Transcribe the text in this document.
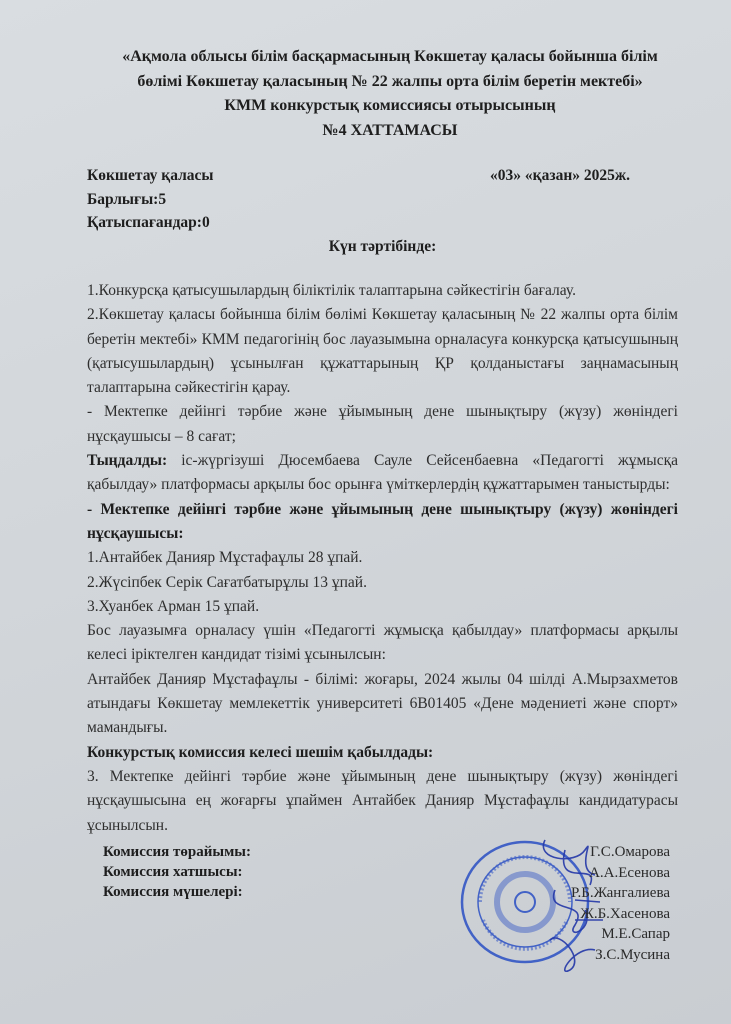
«Ақмола облысы білім басқармасының Көкшетау қаласы бойынша білім
бөлімі Көкшетау қаласының № 22 жалпы орта білім беретін мектебі»
КММ конкурстық комиссиясы отырысының
№4 ХАТТАМАСЫ
Көкшетау қаласы	«03» «қазан» 2025ж.
Барлығы:5
Қатыспағандар:0
Күн тәртібінде:

1.Конкурсқа қатысушылардың біліктілік талаптарына сәйкестігін бағалау.

2.Көкшетау қаласы бойынша білім бөлімі Көкшетау қаласының № 22 жалпы орта білім беретін мектебі» КММ педагогінің бос лауазымына орналасуға конкурсқа қатысушының (қатысушылардың) ұсынылған құжаттарының ҚР қолданыстағы заңнамасының талаптарына сәйкестігін қарау.

- Мектепке дейінгі тәрбие және ұйымының дене шынықтыру (жүзу) жөніндегі нұсқаушысы – 8 сағат;

Тыңдалды: іс-жүргізуші Дюсембаева Сауле Сейсенбаевна «Педагогті жұмысқа қабылдау» платформасы арқылы бос орынға үміткерлердің құжаттарымен таныстырды:

- Мектепке дейінгі тәрбие және ұйымының дене шынықтыру (жүзу) жөніндегі нұсқаушысы:

1.Антайбек Данияр Мұстафаұлы 28 ұпай.

2.Жүсіпбек Серік Сағатбатырұлы 13 ұпай.

3.Хуанбек Арман 15 ұпай.

Бос лауазымға орналасу үшін «Педагогті жұмысқа қабылдау» платформасы арқылы келесі іріктелген кандидат тізімі ұсынылсын:

Антайбек Данияр Мұстафаұлы - білімі: жоғары, 2024 жылы 04 шілді А.Мырзахметов атындағы Көкшетау мемлекеттік университеті 6В01405 «Дене мәдениеті және спорт» мамандығы.

Конкурстық комиссия келесі шешім қабылдады:

3. Мектепке дейінгі тәрбие және ұйымының дене шынықтыру (жүзу) жөніндегі нұсқаушысына ең жоғарғы ұпаймен Антайбек Данияр Мұстафаұлы кандидатурасы ұсынылсын.

Комиссия төрайымы:
Комиссия хатшысы:
Комиссия мүшелері:
Г.С.Омарова
А.А.Есенова
Р.Б.Жангалиева
Ж.Б.Хасенова
М.Е.Сапар
З.С.Мусина
